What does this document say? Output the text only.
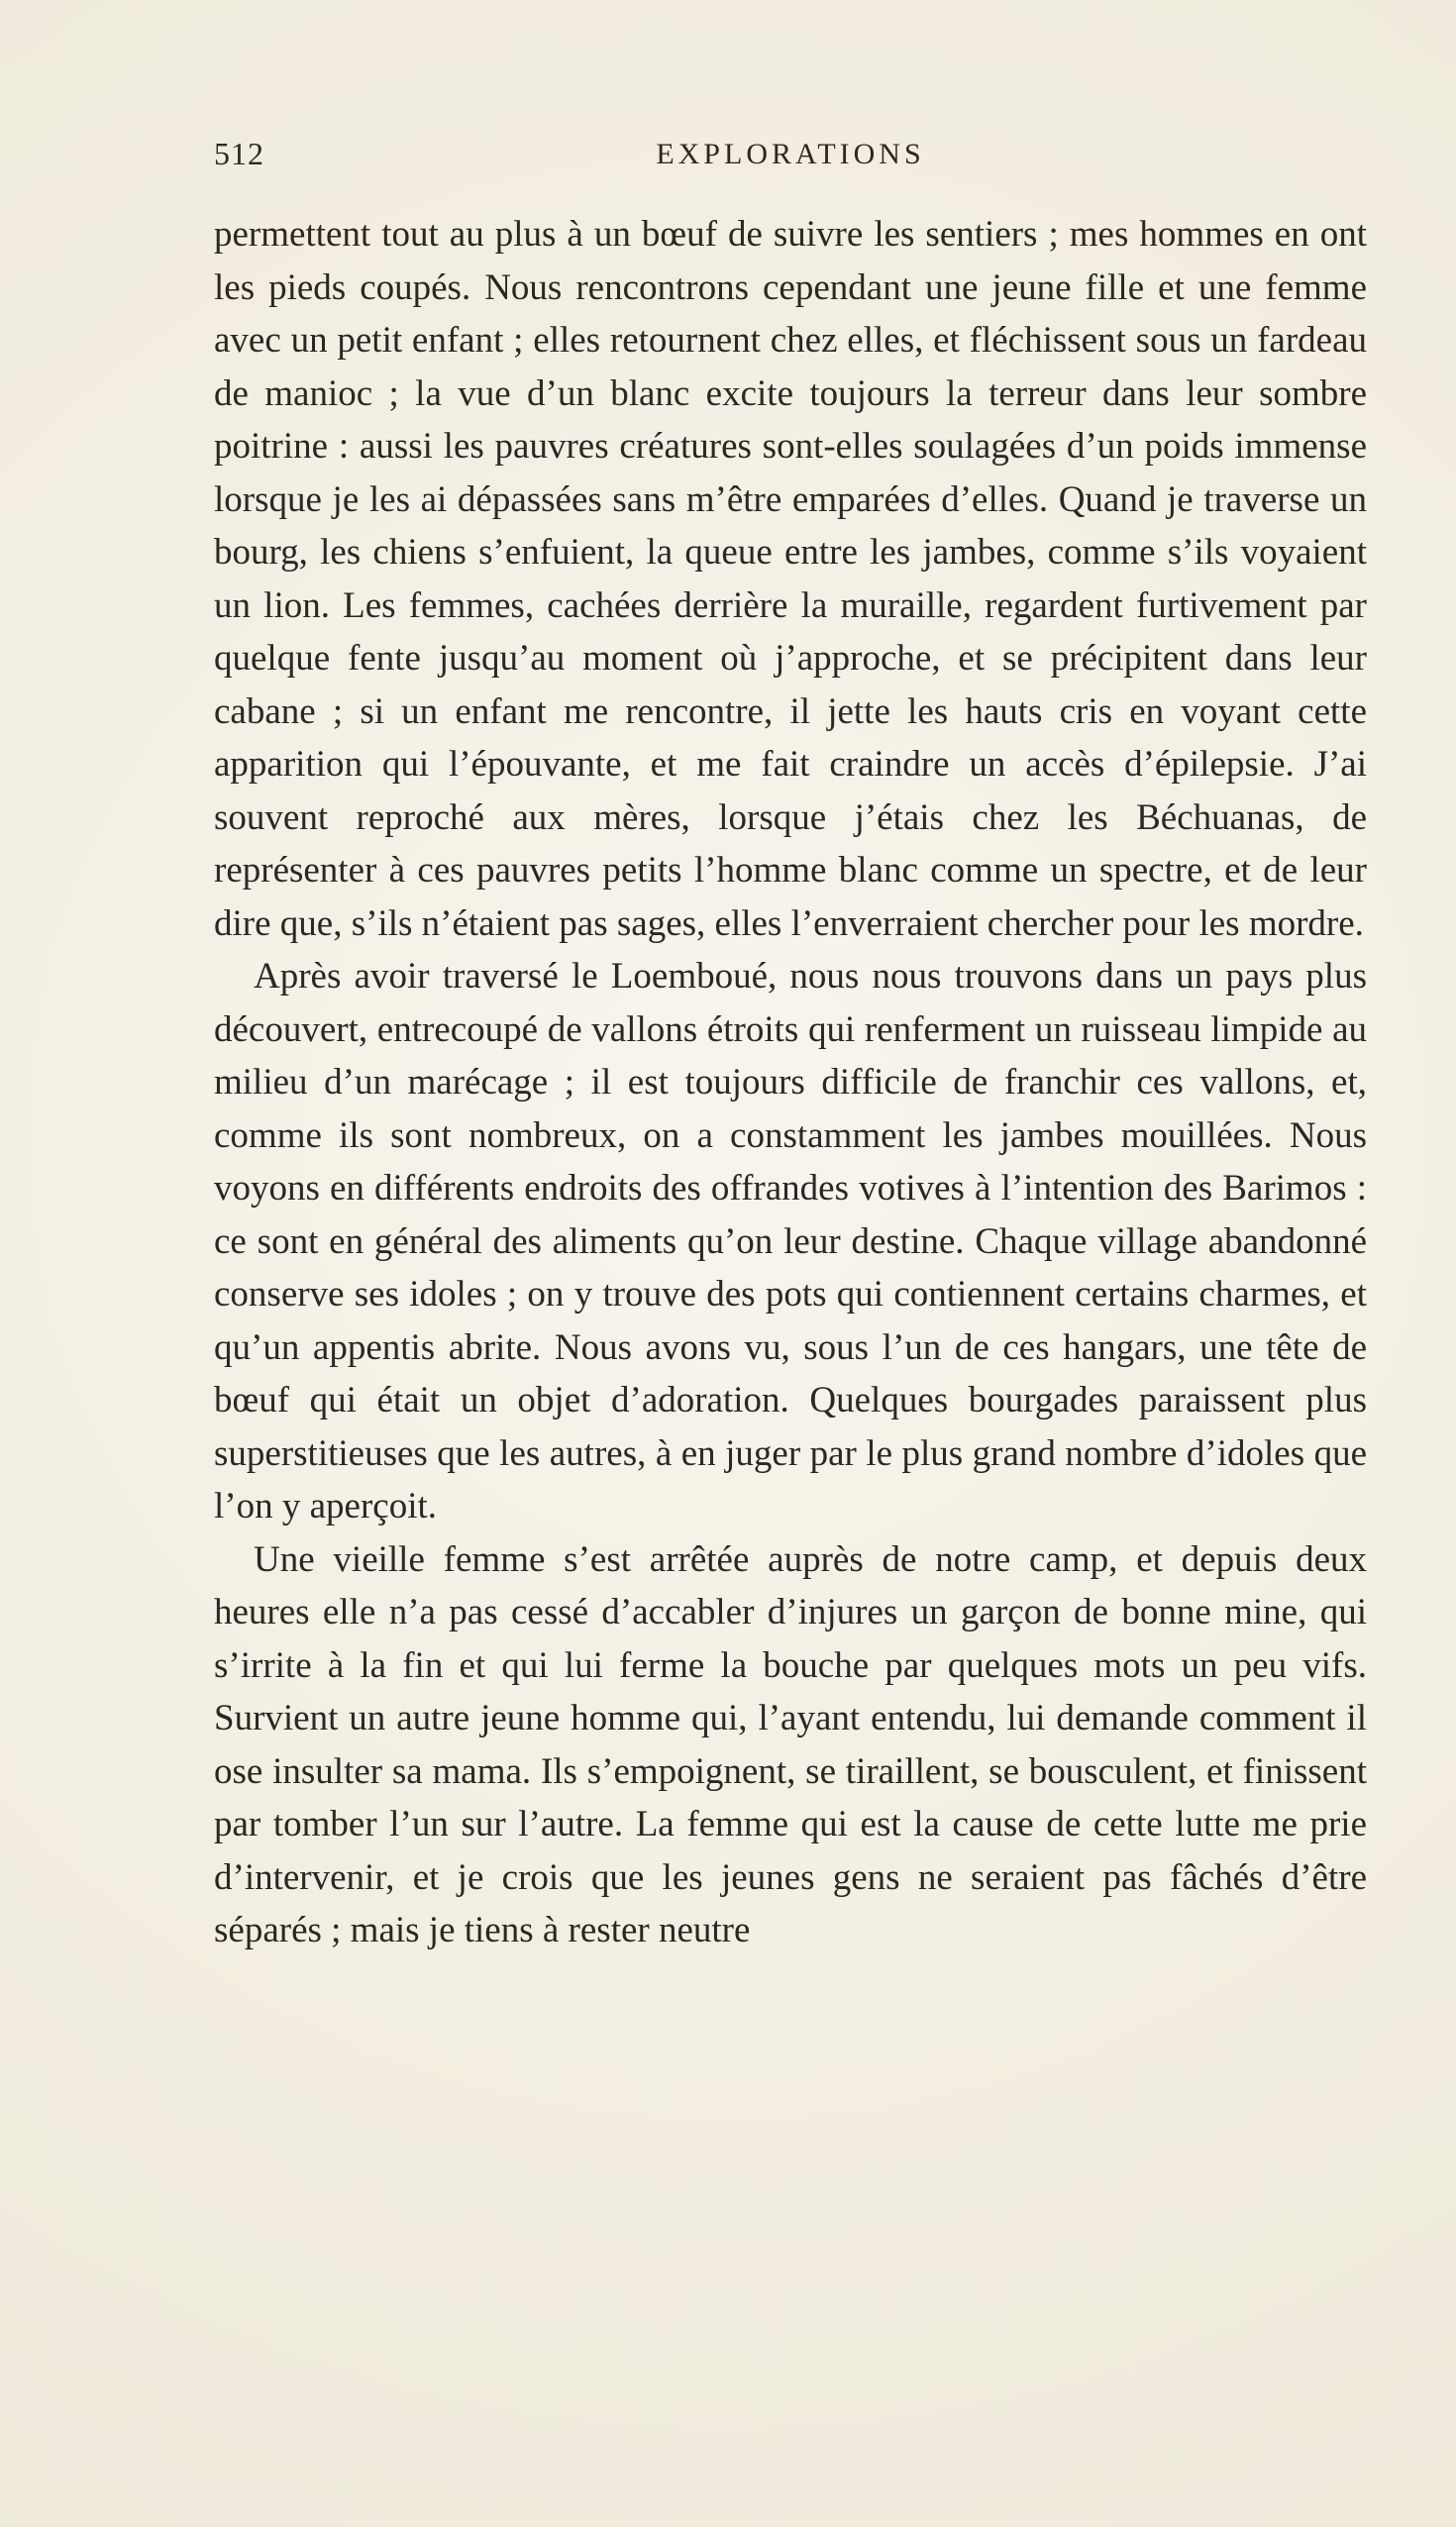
512	EXPLORATIONS

permettent tout au plus à un bœuf de suivre les sentiers ; mes hommes en ont les pieds coupés. Nous rencontrons cependant une jeune fille et une femme avec un petit enfant ; elles retournent chez elles, et fléchissent sous un fardeau de manioc ; la vue d’un blanc excite toujours la terreur dans leur sombre poitrine : aussi les pauvres créatures sont-elles soulagées d’un poids immense lorsque je les ai dépassées sans m’être emparées d’elles. Quand je traverse un bourg, les chiens s’enfuient, la queue entre les jambes, comme s’ils voyaient un lion. Les femmes, cachées derrière la muraille, regardent furtivement par quelque fente jusqu’au moment où j’approche, et se précipitent dans leur cabane ; si un enfant me rencontre, il jette les hauts cris en voyant cette apparition qui l’épouvante, et me fait craindre un accès d’épilepsie. J’ai souvent reproché aux mères, lorsque j’étais chez les Béchuanas, de représenter à ces pauvres petits l’homme blanc comme un spectre, et de leur dire que, s’ils n’étaient pas sages, elles l’enverraient chercher pour les mordre.

Après avoir traversé le Loemboué, nous nous trouvons dans un pays plus découvert, entrecoupé de vallons étroits qui renferment un ruisseau limpide au milieu d’un marécage ; il est toujours difficile de franchir ces vallons, et, comme ils sont nombreux, on a constamment les jambes mouillées. Nous voyons en différents endroits des offrandes votives à l’intention des Barimos : ce sont en général des aliments qu’on leur destine. Chaque village abandonné conserve ses idoles ; on y trouve des pots qui contiennent certains charmes, et qu’un appentis abrite. Nous avons vu, sous l’un de ces hangars, une tête de bœuf qui était un objet d’adoration. Quelques bourgades paraissent plus superstitieuses que les autres, à en juger par le plus grand nombre d’idoles que l’on y aperçoit.

Une vieille femme s’est arrêtée auprès de notre camp, et depuis deux heures elle n’a pas cessé d’accabler d’injures un garçon de bonne mine, qui s’irrite à la fin et qui lui ferme la bouche par quelques mots un peu vifs. Survient un autre jeune homme qui, l’ayant entendu, lui demande comment il ose insulter sa mama. Ils s’empoignent, se tiraillent, se bousculent, et finissent par tomber l’un sur l’autre. La femme qui est la cause de cette lutte me prie d’intervenir, et je crois que les jeunes gens ne seraient pas fâchés d’être séparés ; mais je tiens à rester neutre
